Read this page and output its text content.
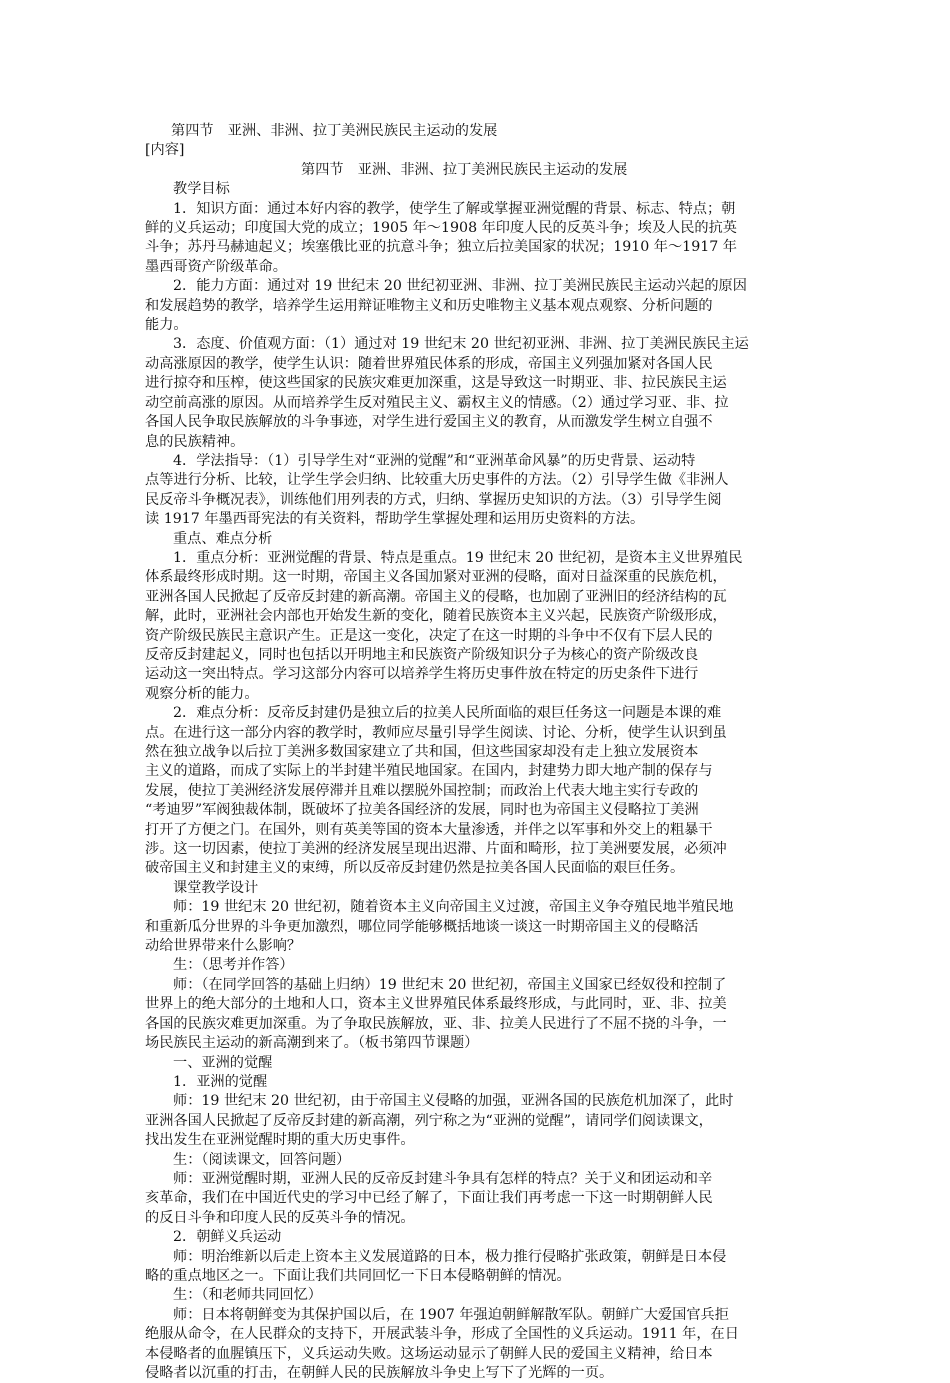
第四节　亚洲、非洲、拉丁美洲民族民主运动的发展
[内容]
第四节　亚洲、非洲、拉丁美洲民族民主运动的发展
教学目标
1．知识方面：通过本好内容的教学，使学生了解或掌握亚洲觉醒的背景、标志、特点；朝
鲜的义兵运动；印度国大党的成立；1905 年～1908 年印度人民的反英斗争；埃及人民的抗英
斗争；苏丹马赫迪起义；埃塞俄比亚的抗意斗争；独立后拉美国家的状况；1910 年～1917 年
墨西哥资产阶级革命。
2．能力方面：通过对 19 世纪末 20 世纪初亚洲、非洲、拉丁美洲民族民主运动兴起的原因
和发展趋势的教学，培养学生运用辩证唯物主义和历史唯物主义基本观点观察、分析问题的
能力。
3．态度、价值观方面：（1）通过对 19 世纪末 20 世纪初亚洲、非洲、拉丁美洲民族民主运
动高涨原因的教学，使学生认识：随着世界殖民体系的形成，帝国主义列强加紧对各国人民
进行掠夺和压榨，使这些国家的民族灾难更加深重，这是导致这一时期亚、非、拉民族民主运
动空前高涨的原因。从而培养学生反对殖民主义、霸权主义的情感。（2）通过学习亚、非、拉
各国人民争取民族解放的斗争事迹，对学生进行爱国主义的教育，从而激发学生树立自强不
息的民族精神。
4．学法指导：（1）引导学生对“亚洲的觉醒”和“亚洲革命风暴”的历史背景、运动特
点等进行分析、比较，让学生学会归纳、比较重大历史事件的方法。（2）引导学生做《非洲人
民反帝斗争概况表》，训练他们用列表的方式，归纳、掌握历史知识的方法。（3）引导学生阅
读 1917 年墨西哥宪法的有关资料，帮助学生掌握处理和运用历史资料的方法。
重点、难点分析
1．重点分析：亚洲觉醒的背景、特点是重点。19 世纪末 20 世纪初，是资本主义世界殖民
体系最终形成时期。这一时期，帝国主义各国加紧对亚洲的侵略，面对日益深重的民族危机，
亚洲各国人民掀起了反帝反封建的新高潮。帝国主义的侵略，也加剧了亚洲旧的经济结构的瓦
解，此时，亚洲社会内部也开始发生新的变化，随着民族资本主义兴起，民族资产阶级形成，
资产阶级民族民主意识产生。正是这一变化，决定了在这一时期的斗争中不仅有下层人民的
反帝反封建起义，同时也包括以开明地主和民族资产阶级知识分子为核心的资产阶级改良
运动这一突出特点。学习这部分内容可以培养学生将历史事件放在特定的历史条件下进行
观察分析的能力。
2．难点分析：反帝反封建仍是独立后的拉美人民所面临的艰巨任务这一问题是本课的难
点。在进行这一部分内容的教学时，教师应尽量引导学生阅读、讨论、分析，使学生认识到虽
然在独立战争以后拉丁美洲多数国家建立了共和国，但这些国家却没有走上独立发展资本
主义的道路，而成了实际上的半封建半殖民地国家。在国内，封建势力即大地产制的保存与
发展，使拉丁美洲经济发展停滞并且难以摆脱外国控制；而政治上代表大地主实行专政的
“考迪罗”军阀独裁体制，既破坏了拉美各国经济的发展，同时也为帝国主义侵略拉丁美洲
打开了方便之门。在国外，则有英美等国的资本大量渗透，并伴之以军事和外交上的粗暴干
涉。这一切因素，使拉丁美洲的经济发展呈现出迟滞、片面和畸形，拉丁美洲要发展，必须冲
破帝国主义和封建主义的束缚，所以反帝反封建仍然是拉美各国人民面临的艰巨任务。
课堂教学设计
师：19 世纪末 20 世纪初，随着资本主义向帝国主义过渡，帝国主义争夺殖民地半殖民地
和重新瓜分世界的斗争更加激烈，哪位同学能够概括地谈一谈这一时期帝国主义的侵略活
动给世界带来什么影响？
生：（思考并作答）
师：（在同学回答的基础上归纳）19 世纪末 20 世纪初，帝国主义国家已经奴役和控制了
世界上的绝大部分的土地和人口，资本主义世界殖民体系最终形成，与此同时，亚、非、拉美
各国的民族灾难更加深重。为了争取民族解放，亚、非、拉美人民进行了不屈不挠的斗争，一
场民族民主运动的新高潮到来了。（板书第四节课题）
一、亚洲的觉醒
1．亚洲的觉醒
师：19 世纪末 20 世纪初，由于帝国主义侵略的加强，亚洲各国的民族危机加深了，此时
亚洲各国人民掀起了反帝反封建的新高潮，列宁称之为“亚洲的觉醒”，请同学们阅读课文，
找出发生在亚洲觉醒时期的重大历史事件。
生：（阅读课文，回答问题）
师：亚洲觉醒时期，亚洲人民的反帝反封建斗争具有怎样的特点？关于义和团运动和辛
亥革命，我们在中国近代史的学习中已经了解了，下面让我们再考虑一下这一时期朝鲜人民
的反日斗争和印度人民的反英斗争的情况。
2．朝鲜义兵运动
师：明治维新以后走上资本主义发展道路的日本，极力推行侵略扩张政策，朝鲜是日本侵
略的重点地区之一。下面让我们共同回忆一下日本侵略朝鲜的情况。
生：（和老师共同回忆）
师：日本将朝鲜变为其保护国以后，在 1907 年强迫朝鲜解散军队。朝鲜广大爱国官兵拒
绝服从命令，在人民群众的支持下，开展武装斗争，形成了全国性的义兵运动。1911 年，在日
本侵略者的血腥镇压下，义兵运动失败。这场运动显示了朝鲜人民的爱国主义精神，给日本
侵略者以沉重的打击，在朝鲜人民的民族解放斗争史上写下了光辉的一页。
